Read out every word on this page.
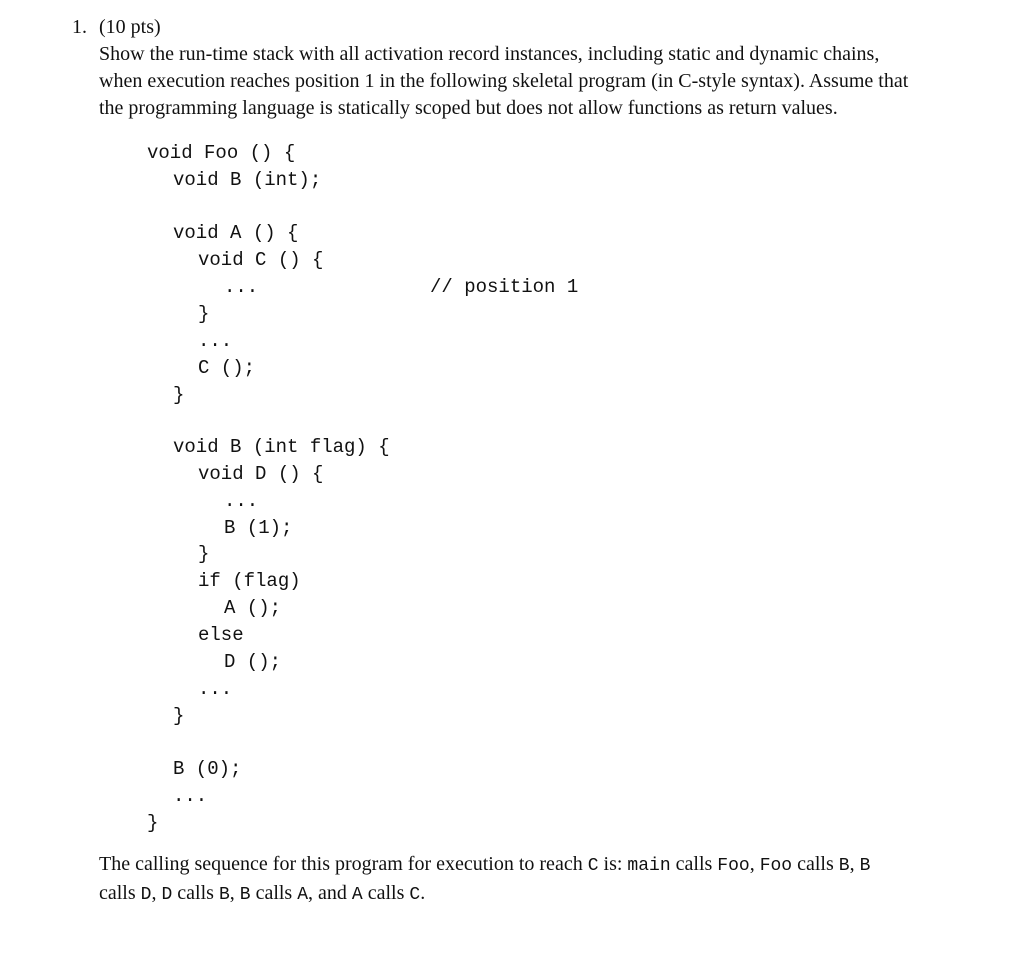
1. (10 pts)
Show the run-time stack with all activation record instances, including static and dynamic chains,
when execution reaches position 1 in the following skeletal program (in C-style syntax). Assume that
the programming language is statically scoped but does not allow functions as return values.
void Foo () {
void B (int);
void A () {
void C () {
...	// position 1
}
...
C ();
}
void B (int flag) {
void D () {
...
B (1);
}
if (flag)
A ();
else
D ();
...
}
B (0);
...
}
The calling sequence for this program for execution to reach C is: main calls Foo, Foo calls B, B
calls D, D calls B, B calls A, and A calls C.
